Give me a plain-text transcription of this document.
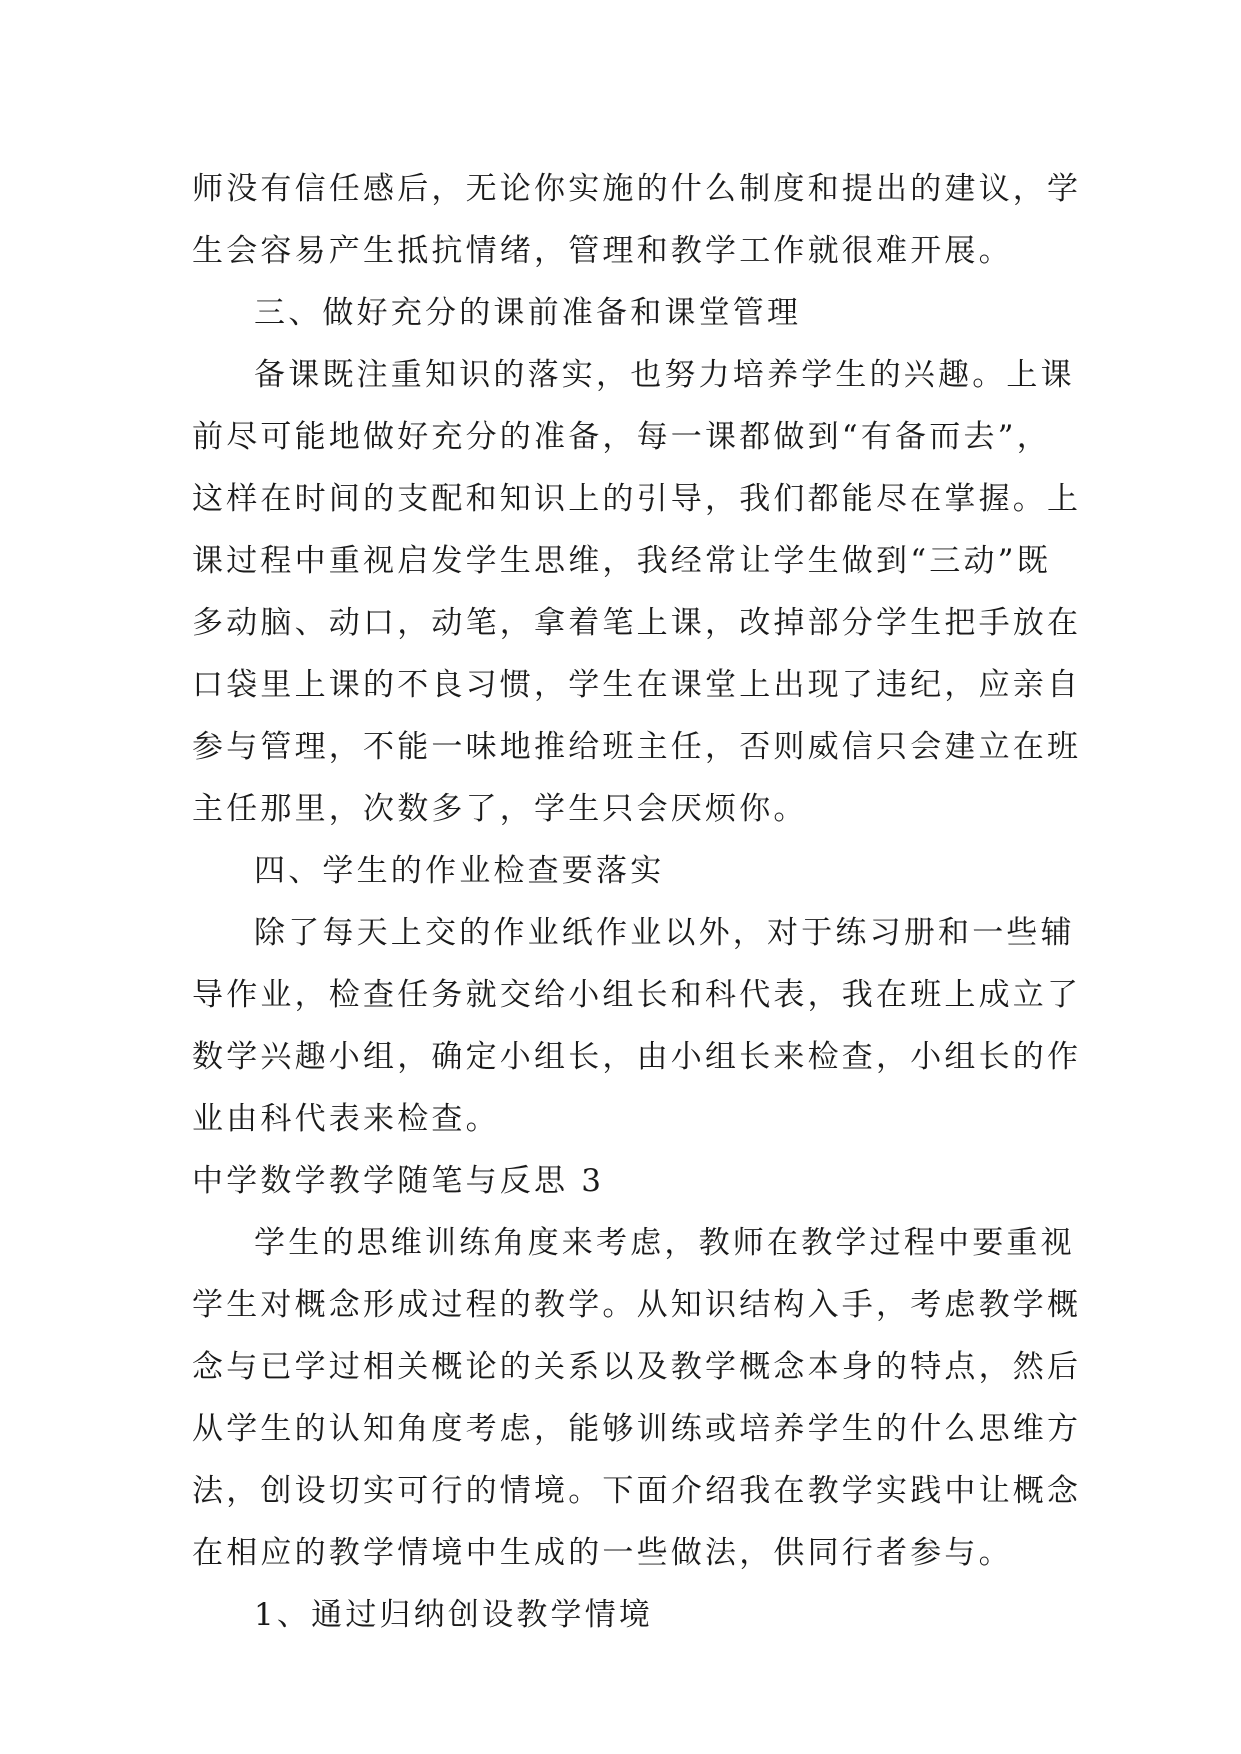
师没有信任感后，无论你实施的什么制度和提出的建议，学
生会容易产生抵抗情绪，管理和教学工作就很难开展。
三、做好充分的课前准备和课堂管理
备课既注重知识的落实，也努力培养学生的兴趣。上课
前尽可能地做好充分的准备，每一课都做到“有备而去”，
这样在时间的支配和知识上的引导，我们都能尽在掌握。上
课过程中重视启发学生思维，我经常让学生做到“三动”既
多动脑、动口，动笔，拿着笔上课，改掉部分学生把手放在
口袋里上课的不良习惯，学生在课堂上出现了违纪，应亲自
参与管理，不能一味地推给班主任，否则威信只会建立在班
主任那里，次数多了，学生只会厌烦你。
四、学生的作业检查要落实
除了每天上交的作业纸作业以外，对于练习册和一些辅
导作业，检查任务就交给小组长和科代表，我在班上成立了
数学兴趣小组，确定小组长，由小组长来检查，小组长的作
业由科代表来检查。
中学数学教学随笔与反思 3
学生的思维训练角度来考虑，教师在教学过程中要重视
学生对概念形成过程的教学。从知识结构入手，考虑教学概
念与已学过相关概论的关系以及教学概念本身的特点，然后
从学生的认知角度考虑，能够训练或培养学生的什么思维方
法，创设切实可行的情境。下面介绍我在教学实践中让概念
在相应的教学情境中生成的一些做法，供同行者参与。
1、通过归纳创设教学情境
